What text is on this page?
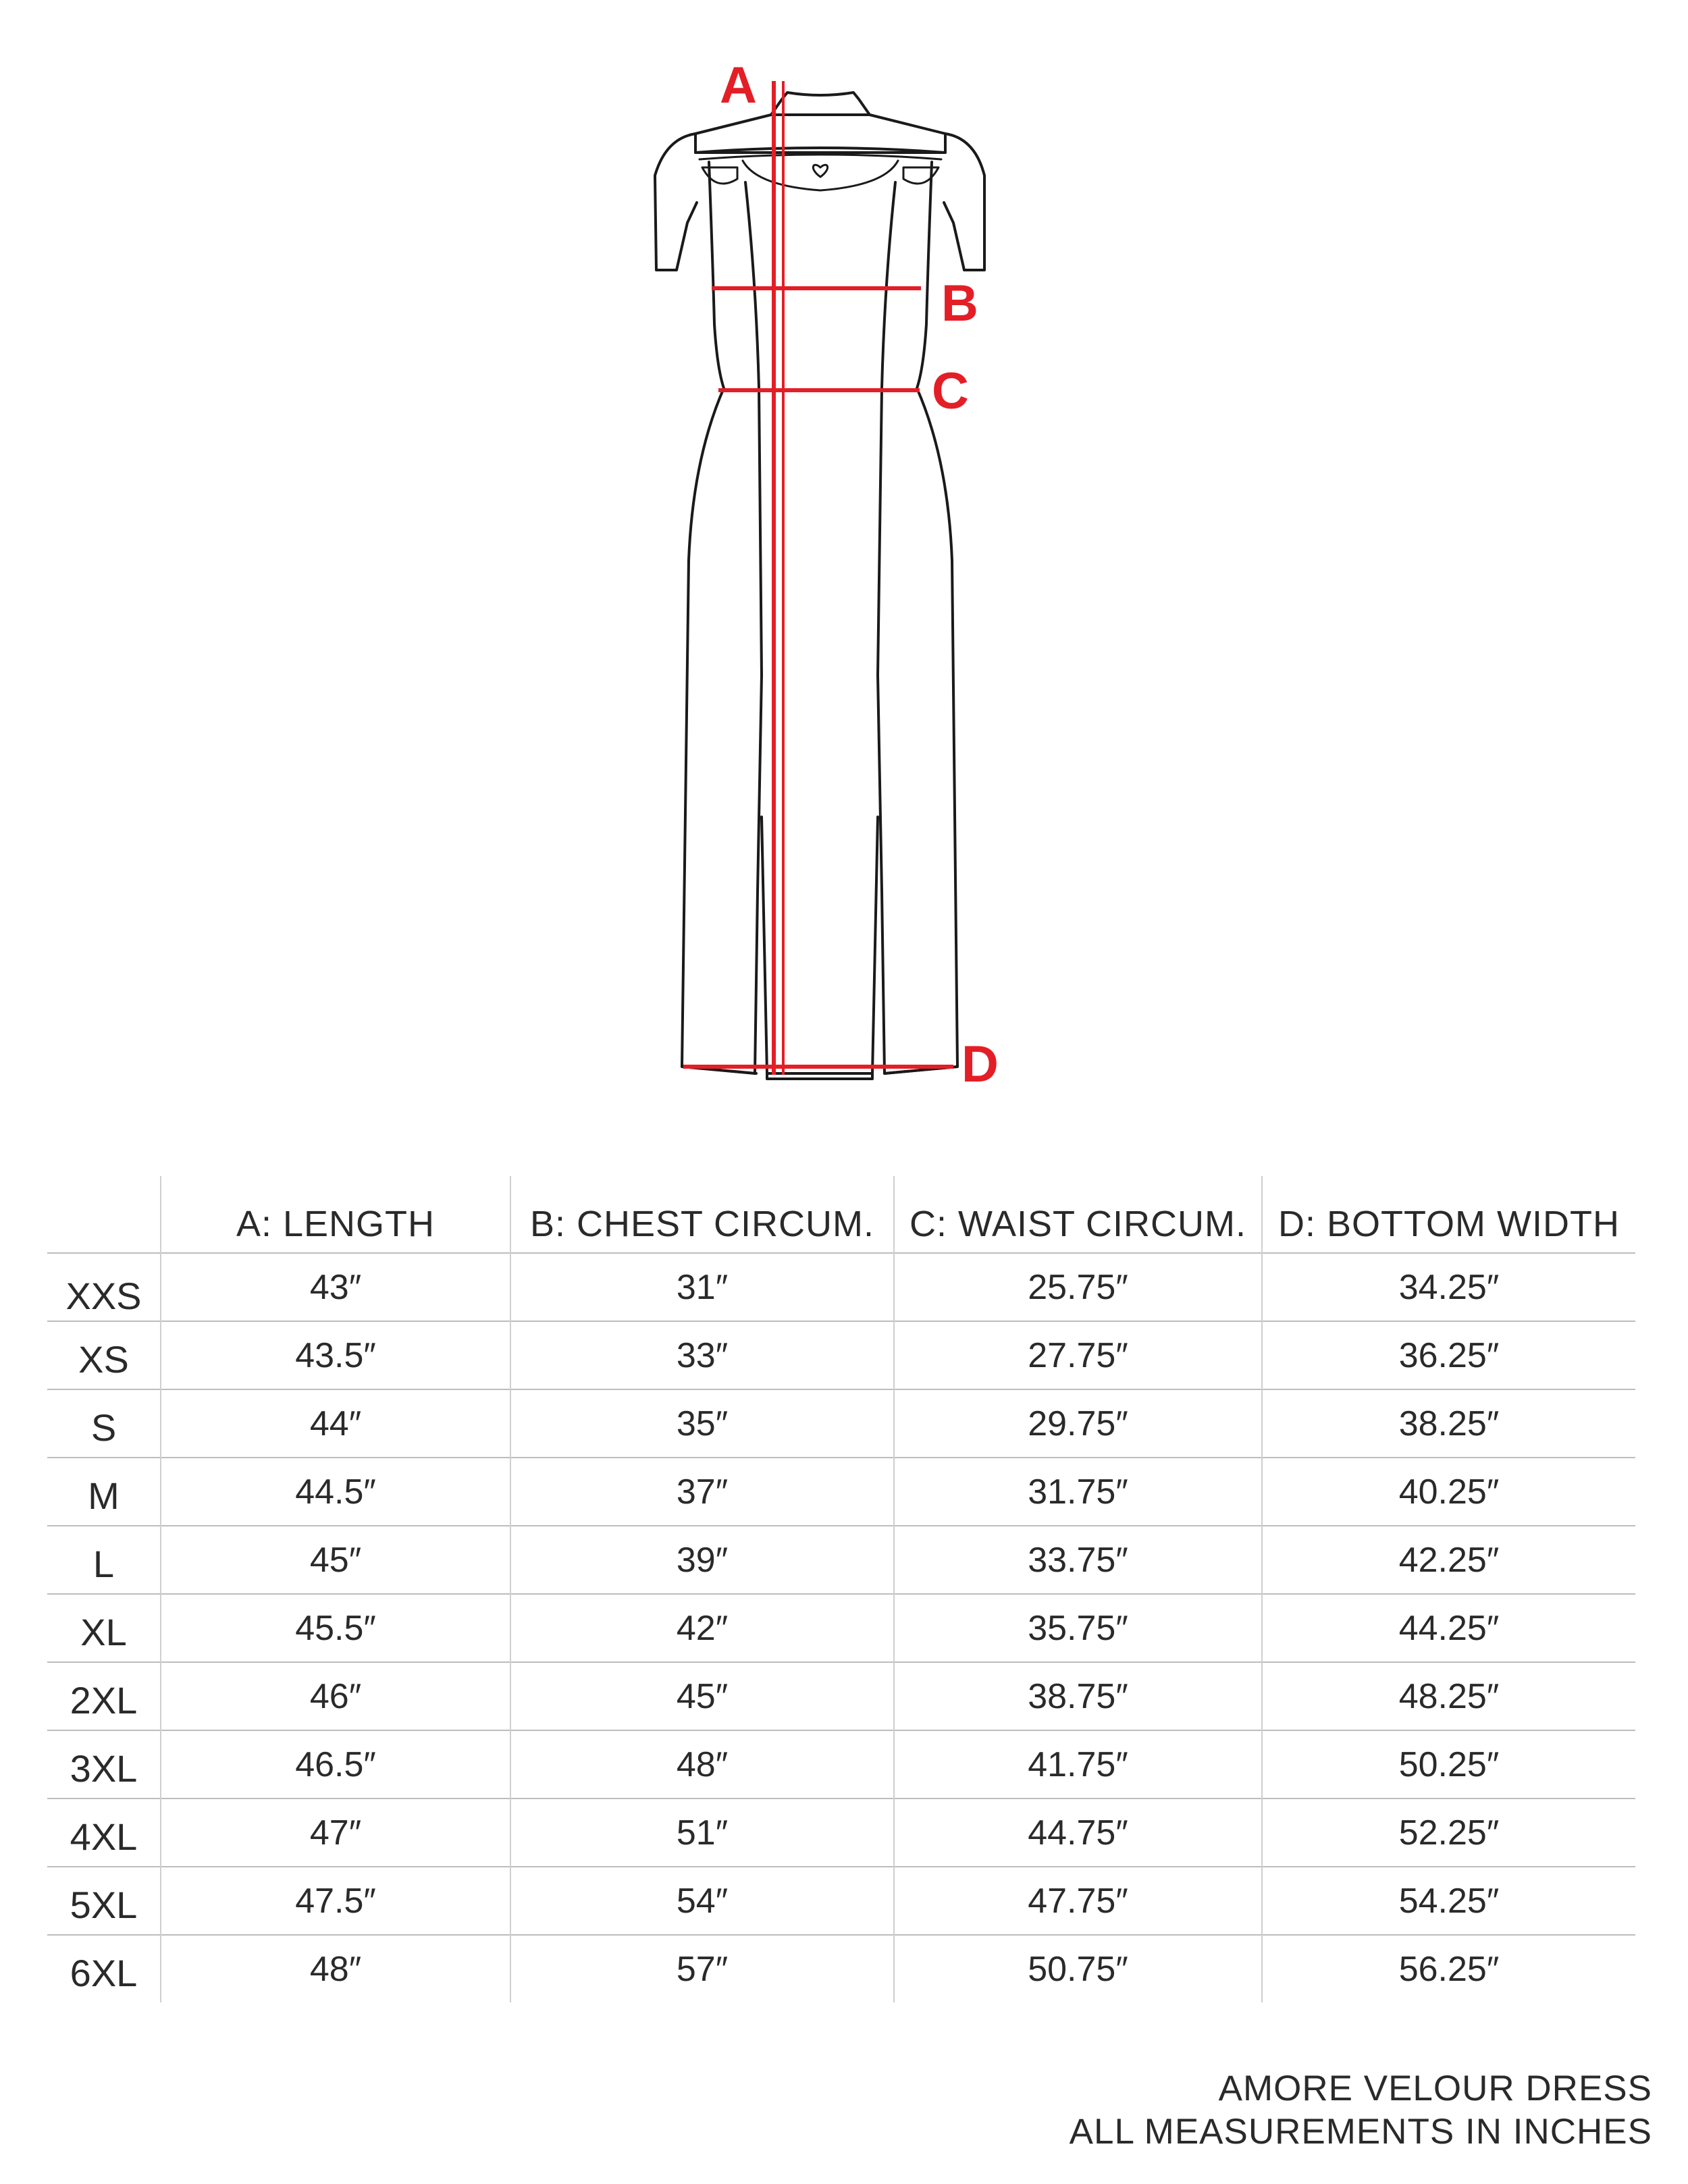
A
B
C
D
	A: LENGTH	B: CHEST CIRCUM.	C: WAIST CIRCUM.	D: BOTTOM WIDTH
XXS	43″	31″	25.75″	34.25″
XS	43.5″	33″	27.75″	36.25″
S	44″	35″	29.75″	38.25″
M	44.5″	37″	31.75″	40.25″
L	45″	39″	33.75″	42.25″
XL	45.5″	42″	35.75″	44.25″
2XL	46″	45″	38.75″	48.25″
3XL	46.5″	48″	41.75″	50.25″
4XL	47″	51″	44.75″	52.25″
5XL	47.5″	54″	47.75″	54.25″
6XL	48″	57″	50.75″	56.25″
AMORE VELOUR DRESS
ALL MEASUREMENTS IN INCHES
